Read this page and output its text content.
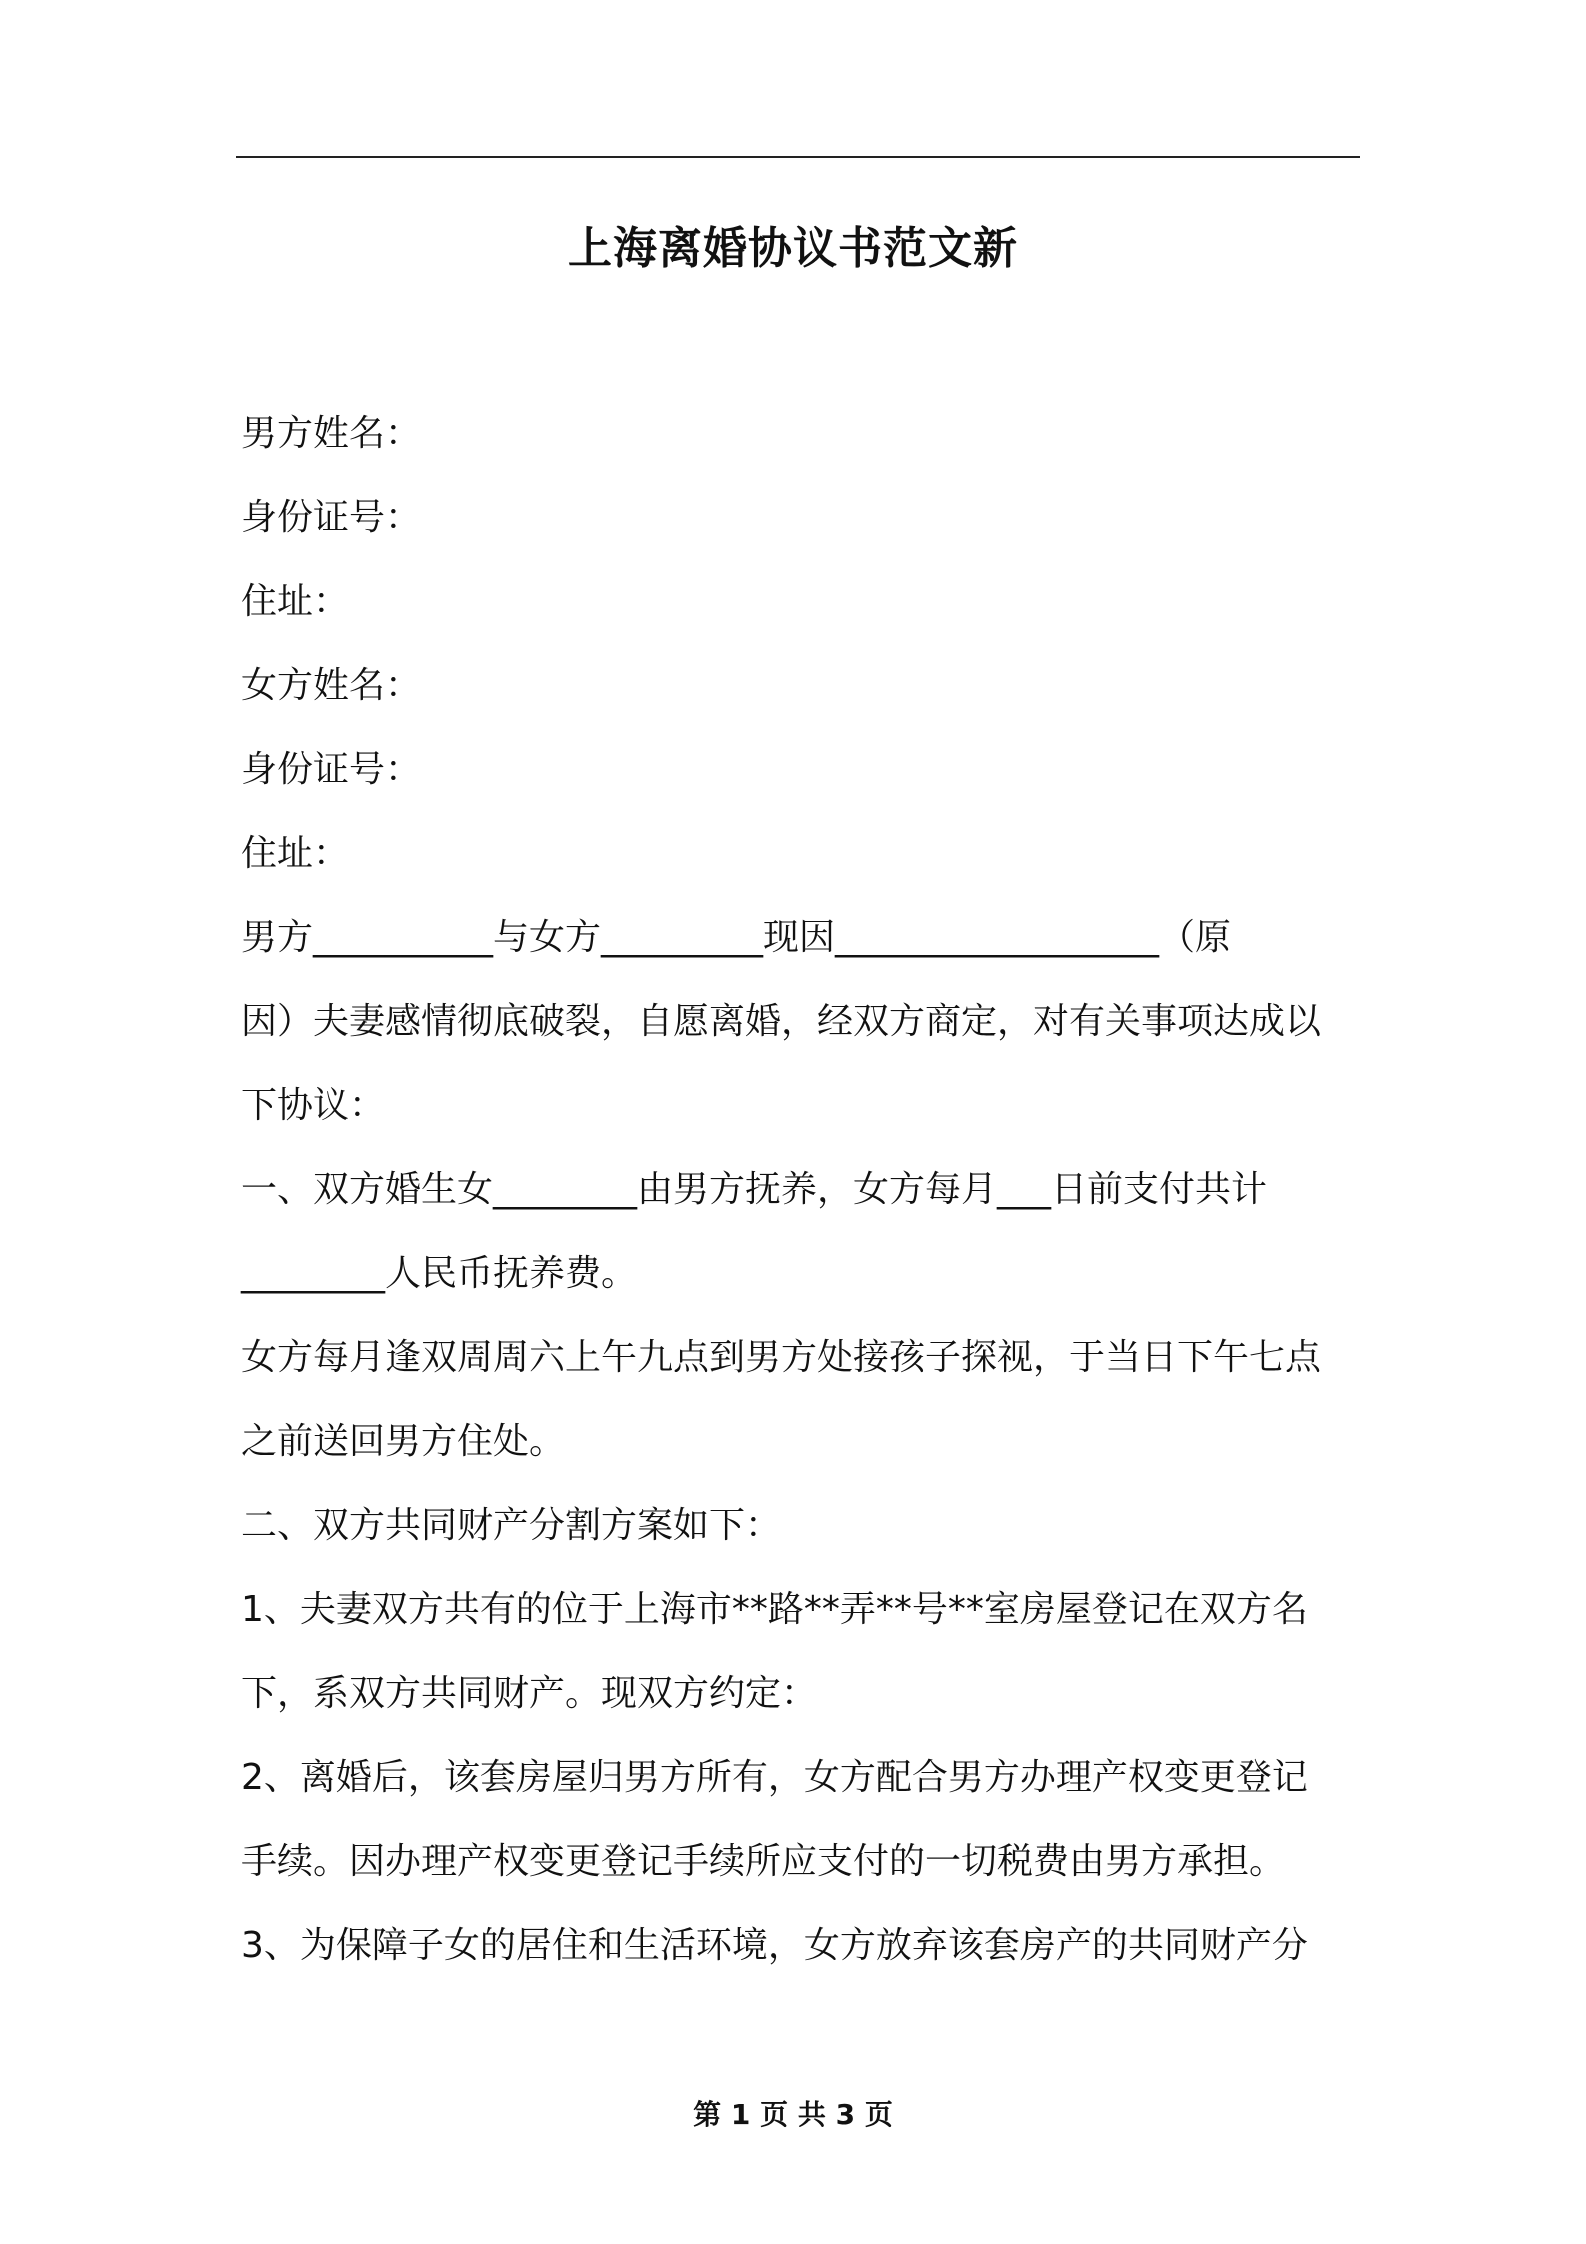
上海离婚协议书范文新
男方姓名：
身份证号：
住址：
女方姓名：
身份证号：
住址：
男方__________与女方_________现因__________________（原
因）夫妻感情彻底破裂，自愿离婚，经双方商定，对有关事项达成以
下协议：
一、双方婚生女________由男方抚养，女方每月___日前支付共计
________人民币抚养费。
女方每月逢双周周六上午九点到男方处接孩子探视，于当日下午七点
之前送回男方住处。
二、双方共同财产分割方案如下：
1、夫妻双方共有的位于上海市**路**弄**号**室房屋登记在双方名
下，系双方共同财产。现双方约定：
2、离婚后，该套房屋归男方所有，女方配合男方办理产权变更登记
手续。因办理产权变更登记手续所应支付的一切税费由男方承担。
3、为保障子女的居住和生活环境，女方放弃该套房产的共同财产分
第 1 页 共 3 页
